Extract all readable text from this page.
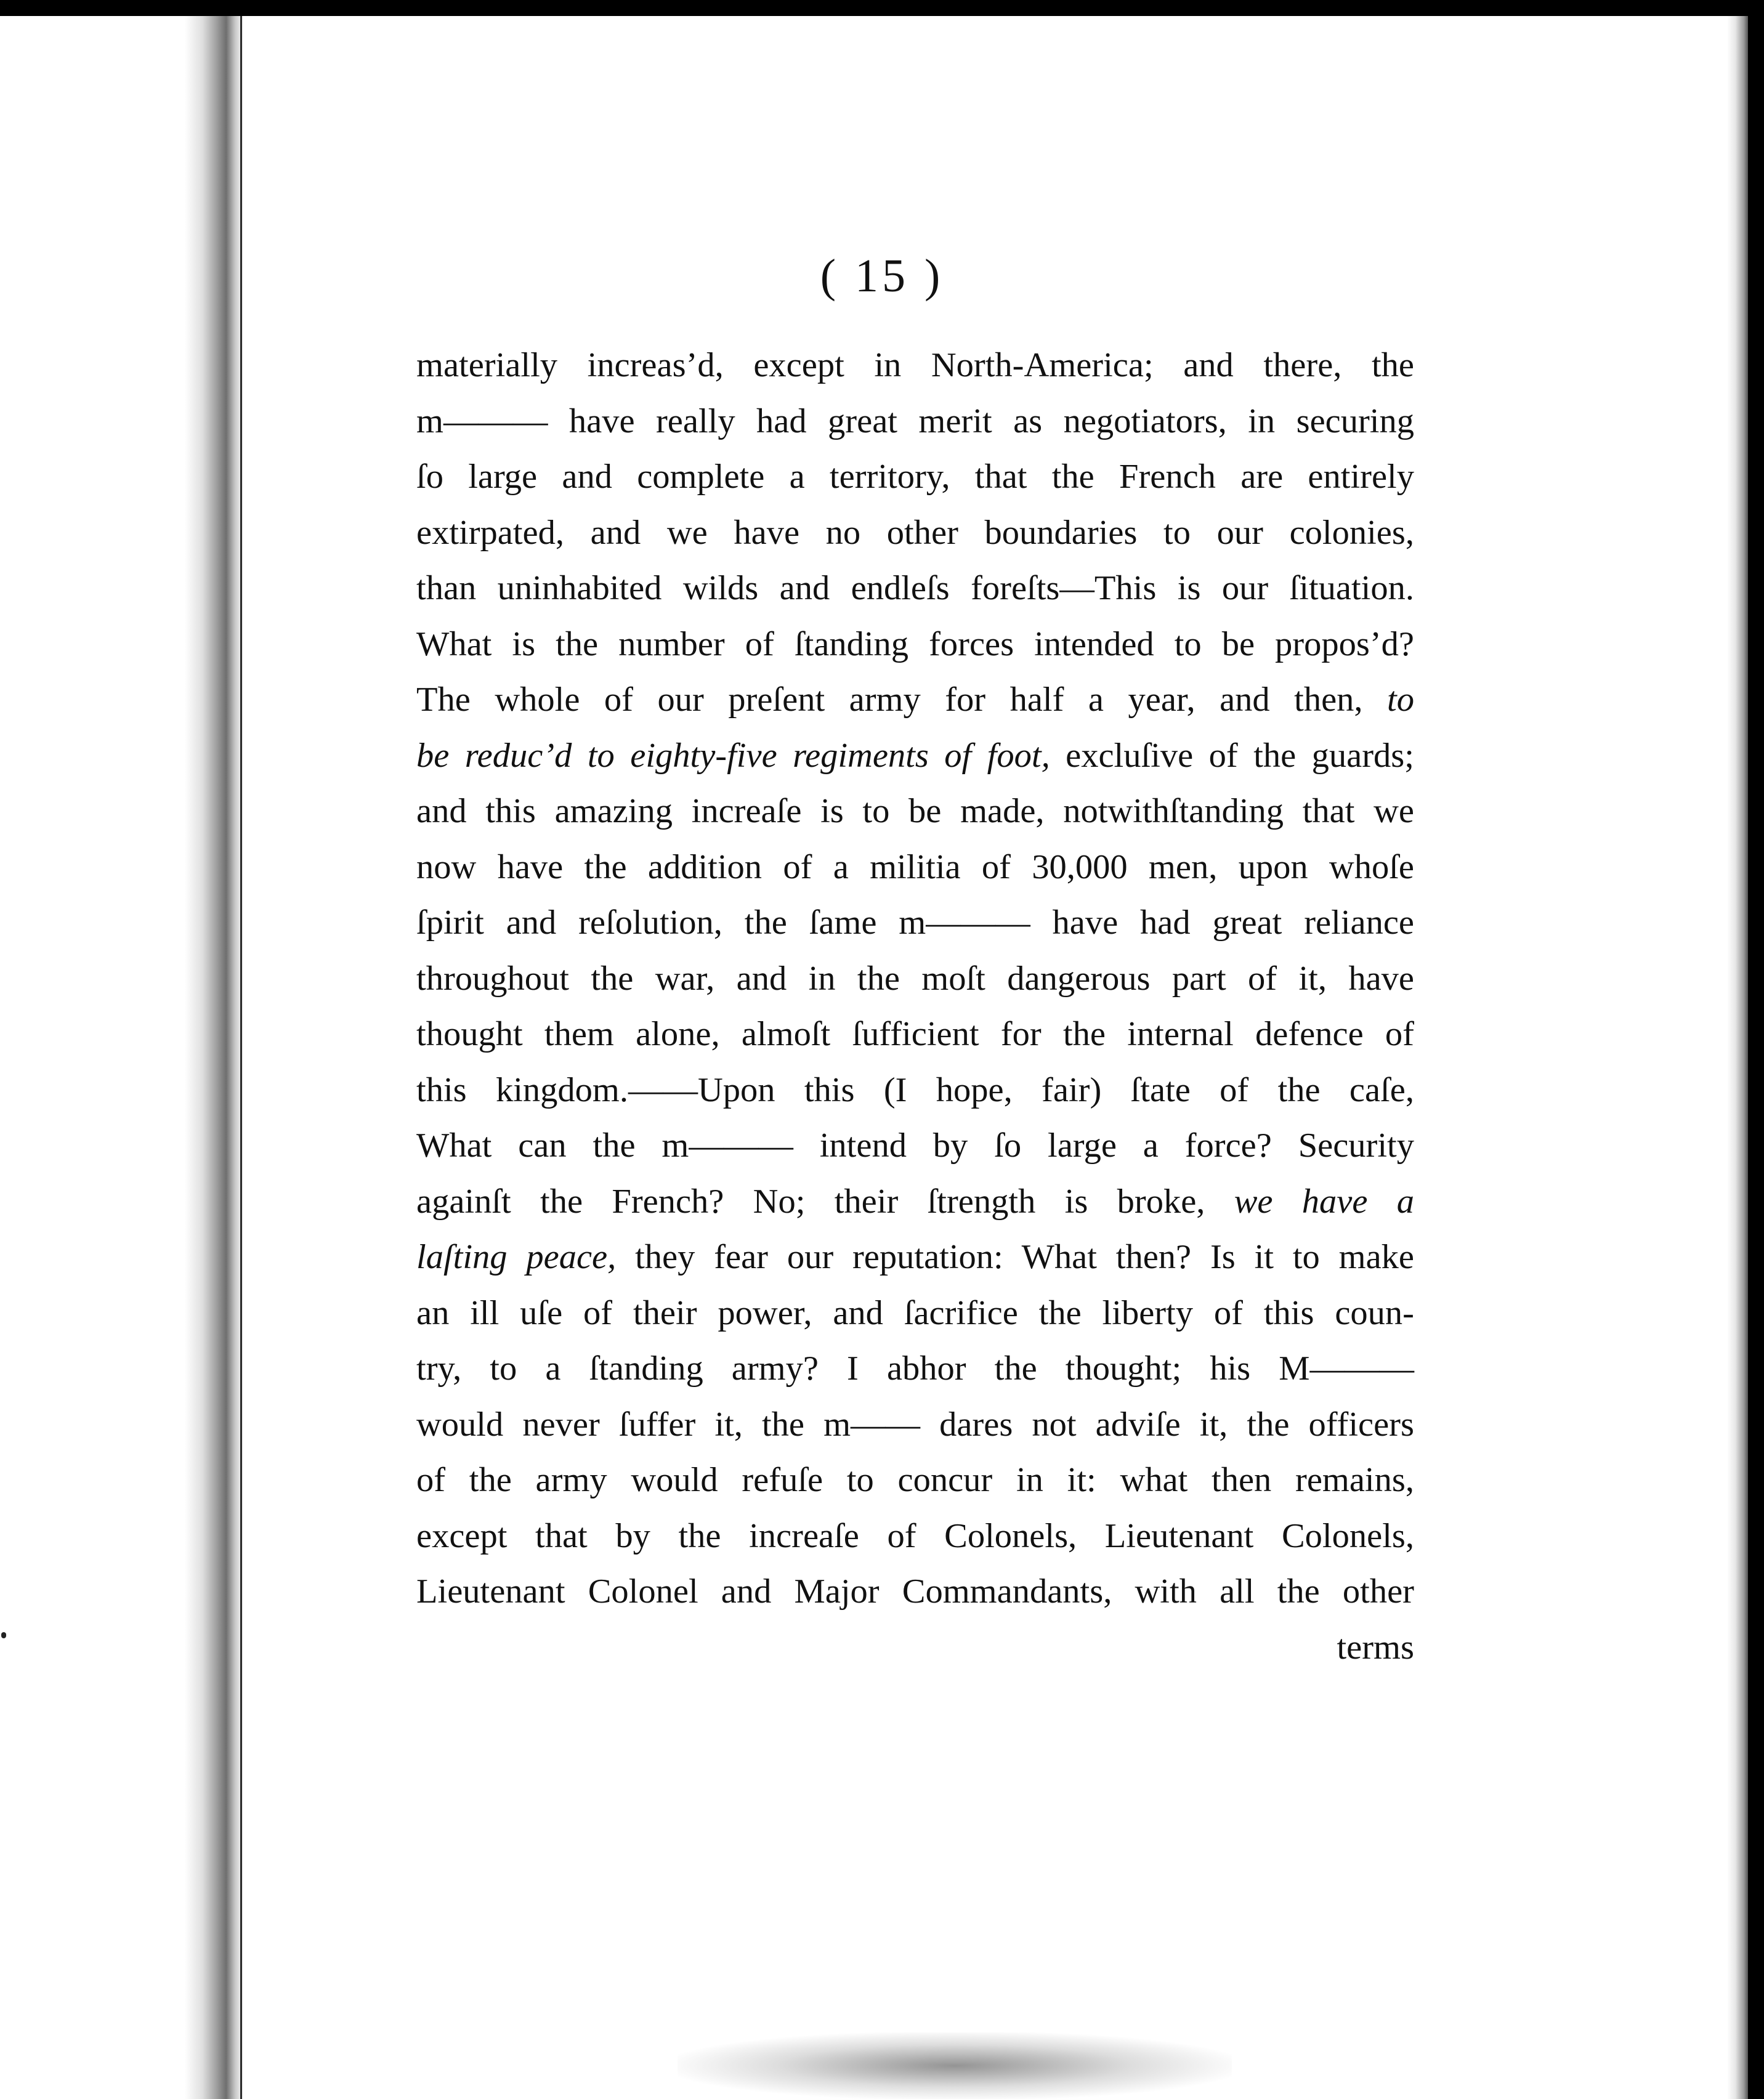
( 15 )
materially increas’d, except in North-America; and there, the
m——— have really had great merit as negotiators, in securing
ſo large and complete a territory, that the French are entirely
extirpated, and we have no other boundaries to our colonies,
than uninhabited wilds and endleſs foreſts—This is our ſituation.
What is the number of ſtanding forces intended to be propos’d?
The whole of our preſent army for half a year, and then, to
be reduc’d to eighty-five regiments of foot, excluſive of the guards;
and this amazing increaſe is to be made, notwithſtanding that we
now have the addition of a militia of 30,000 men, upon whoſe
ſpirit and reſolution, the ſame m——— have had great reliance
throughout the war, and in the moſt dangerous part of it, have
thought them alone, almoſt ſufficient for the internal defence of
this kingdom.——Upon this (I hope, fair) ſtate of the caſe,
What can the m——— intend by ſo large a force? Security
againſt the French? No; their ſtrength is broke, we have a
laſting peace, they fear our reputation: What then? Is it to make
an ill uſe of their power, and ſacrifice the liberty of this coun-
try, to a ſtanding army? I abhor the thought; his M———
would never ſuffer it, the m—— dares not adviſe it, the officers
of the army would refuſe to concur in it: what then remains,
except that by the increaſe of Colonels, Lieutenant Colonels,
Lieutenant Colonel and Major Commandants, with all the other
terms
